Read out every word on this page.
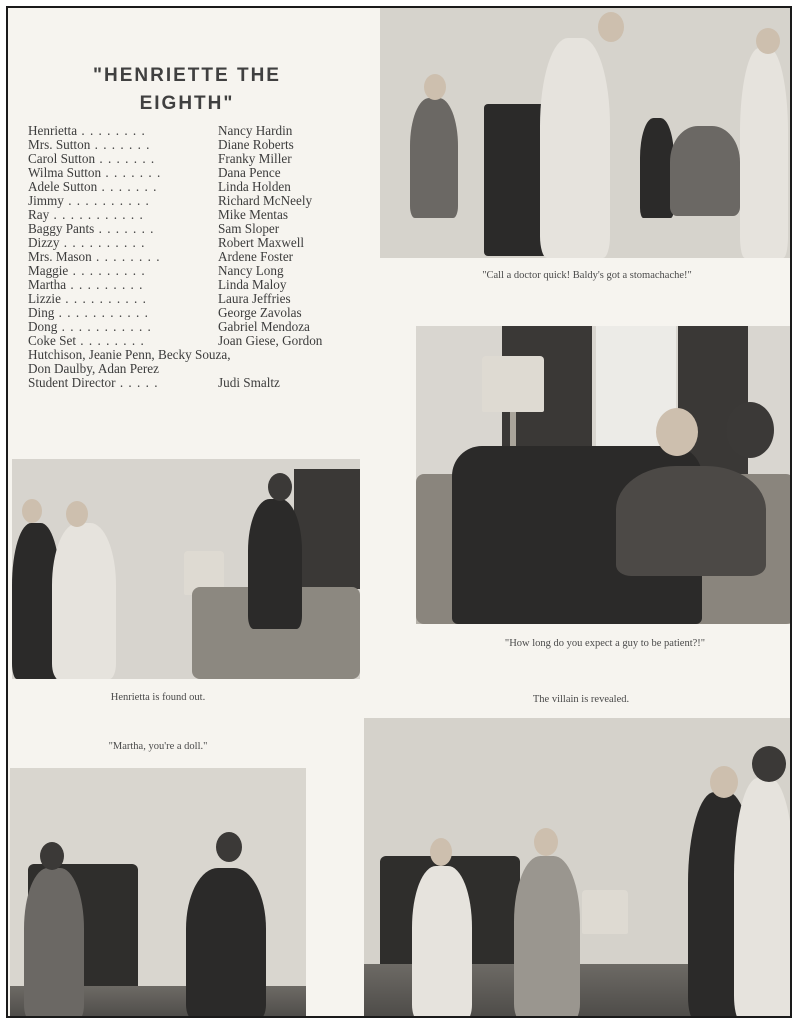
"HENRIETTE THE
EIGHTH"
Henrietta . . . . . . . .	Nancy Hardin
Mrs. Sutton . . . . . . .	Diane Roberts
Carol Sutton . . . . . . .	Franky Miller
Wilma Sutton . . . . . . .	Dana Pence
Adele Sutton . . . . . . .	Linda Holden
Jimmy . . . . . . . . . .	Richard McNeely
Ray . . . . . . . . . . .	Mike Mentas
Baggy Pants . . . . . . .	Sam Sloper
Dizzy . . . . . . . . . .	Robert Maxwell
Mrs. Mason . . . . . . . .	Ardene Foster
Maggie . . . . . . . . .	Nancy Long
Martha . . . . . . . . .	Linda Maloy
Lizzie . . . . . . . . . .	Laura Jeffries
Ding . . . . . . . . . . .	George Zavolas
Dong . . . . . . . . . . .	Gabriel Mendoza
Coke Set . . . . . . . .	Joan Giese, Gordon
Hutchison, Jeanie Penn, Becky Souza,
Don Daulby, Adan Perez
Student Director . . . . .	Judi Smaltz
"Call a doctor quick! Baldy's got a stomachache!"
"How long do you expect a guy to be patient?!"
Henrietta is found out.	The villain is revealed.
"Martha, you're a doll."
